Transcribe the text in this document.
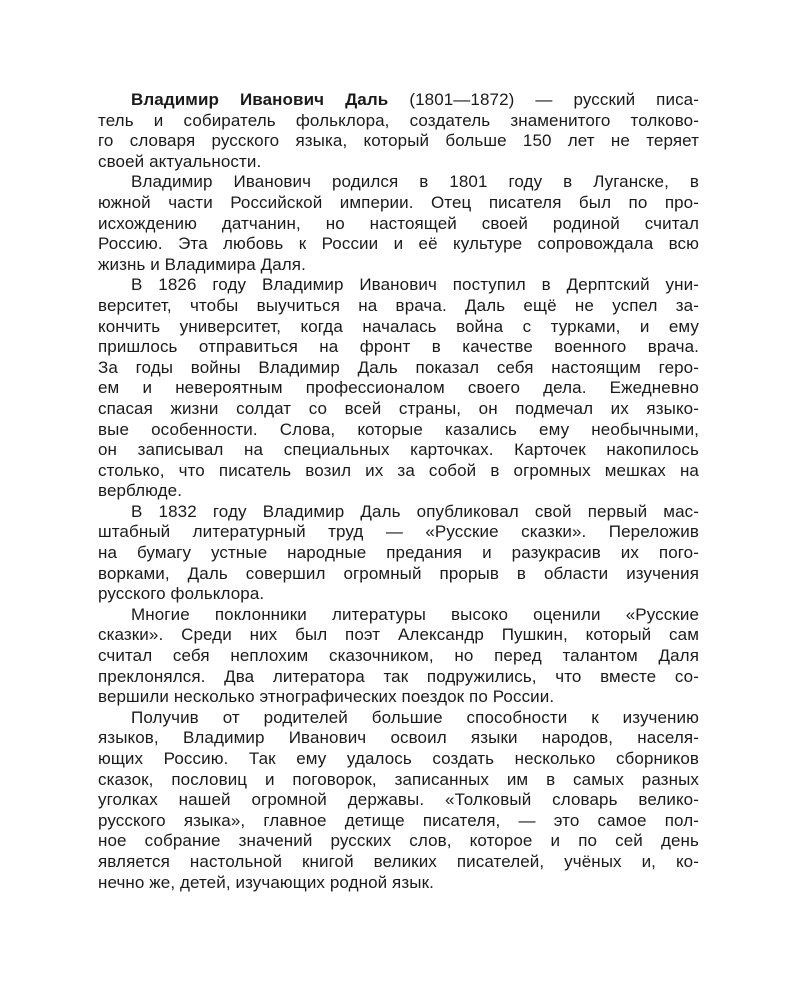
Владимир Иванович Даль (1801—1872) — русский писа-
тель и собиратель фольклора, создатель знаменитого толково-
го словаря русского языка, который больше 150 лет не теряет
своей актуальности.
Владимир Иванович родился в 1801 году в Луганске, в
южной части Российской империи. Отец писателя был по про-
исхождению датчанин, но настоящей своей родиной считал
Россию. Эта любовь к России и её культуре сопровождала всю
жизнь и Владимира Даля.
В 1826 году Владимир Иванович поступил в Дерптский уни-
верситет, чтобы выучиться на врача. Даль ещё не успел за-
кончить университет, когда началась война с турками, и ему
пришлось отправиться на фронт в качестве военного врача.
За годы войны Владимир Даль показал себя настоящим геро-
ем и невероятным профессионалом своего дела. Ежедневно
спасая жизни солдат со всей страны, он подмечал их языко-
вые особенности. Слова, которые казались ему необычными,
он записывал на специальных карточках. Карточек накопилось
столько, что писатель возил их за собой в огромных мешках на
верблюде.
В 1832 году Владимир Даль опубликовал свой первый мас-
штабный литературный труд — «Русские сказки». Переложив
на бумагу устные народные предания и разукрасив их пого-
ворками, Даль совершил огромный прорыв в области изучения
русского фольклора.
Многие поклонники литературы высоко оценили «Русские
сказки». Среди них был поэт Александр Пушкин, который сам
считал себя неплохим сказочником, но перед талантом Даля
преклонялся. Два литератора так подружились, что вместе со-
вершили несколько этнографических поездок по России.
Получив от родителей большие способности к изучению
языков, Владимир Иванович освоил языки народов, населя-
ющих Россию. Так ему удалось создать несколько сборников
сказок, пословиц и поговорок, записанных им в самых разных
уголках нашей огромной державы. «Толковый словарь велико-
русского языка», главное детище писателя, — это самое пол-
ное собрание значений русских слов, которое и по сей день
является настольной книгой великих писателей, учёных и, ко-
нечно же, детей, изучающих родной язык.
